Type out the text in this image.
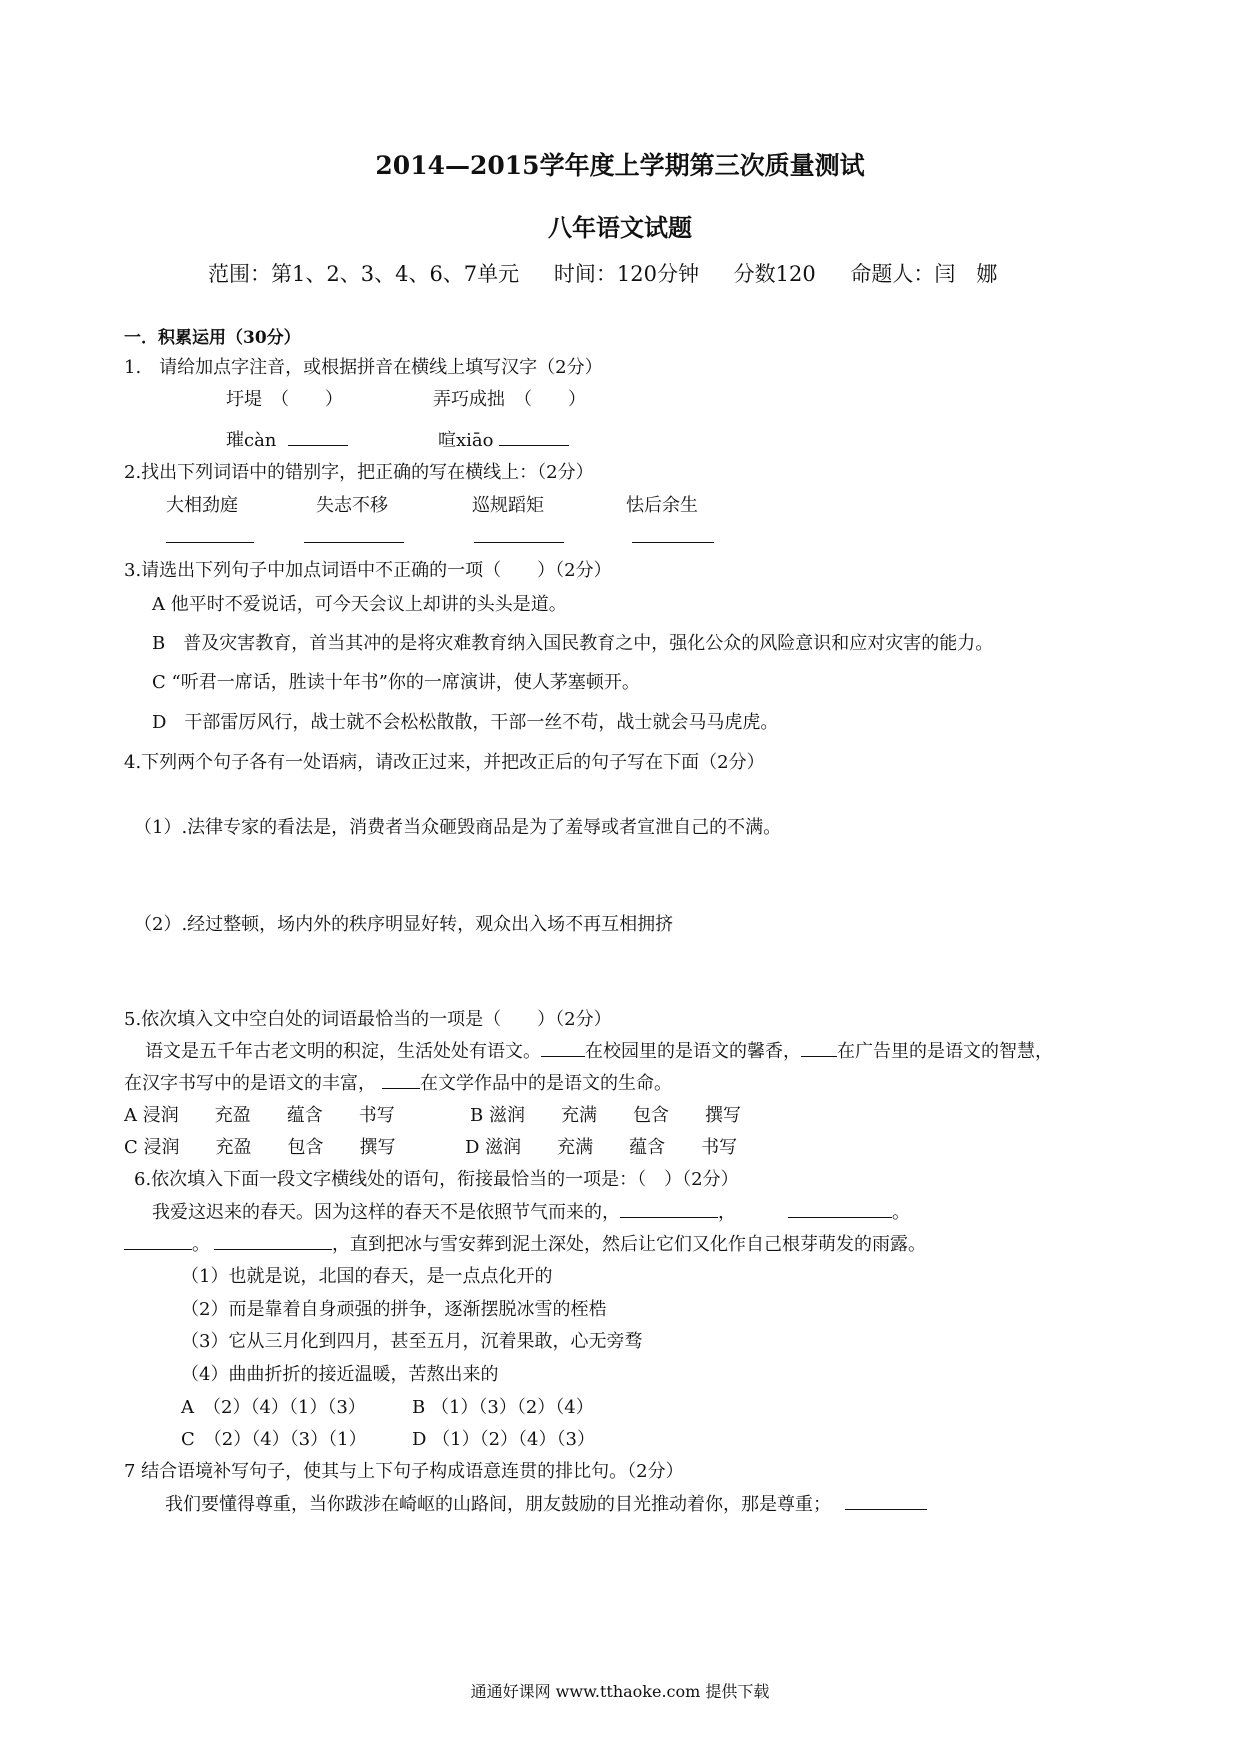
2014—2015学年度上学期第三次质量测试
八年语文试题
范围：第1、2、3、4、6、7单元 时间：120分钟 分数120 命题人：闫　娜
一．积累运用（30分）
1.　请给加点字注音，或根据拼音在横线上填写汉字（2分）
圩堤　（　　）	弄巧成拙　（　　）
璀càn	喧xiāo
2.找出下列词语中的错别字，把正确的写在横线上：（2分）
大相劲庭	失志不移	巡规蹈矩	怯后余生
3.请选出下列句子中加点词语中不正确的一项（　　）（2分）
A 他平时不爱说话，可今天会议上却讲的头头是道。
B　普及灾害教育，首当其冲的是将灾难教育纳入国民教育之中，强化公众的风险意识和应对灾害的能力。
C “听君一席话，胜读十年书”你的一席演讲，使人茅塞顿开。
D　干部雷厉风行，战士就不会松松散散，干部一丝不苟，战士就会马马虎虎。
4.下列两个句子各有一处语病，请改正过来，并把改正后的句子写在下面（2分）
（1）.法律专家的看法是，消费者当众砸毁商品是为了羞辱或者宣泄自己的不满。
（2）.经过整顿，场内外的秩序明显好转，观众出入场不再互相拥挤
5.依次填入文中空白处的词语最恰当的一项是（　　）（2分）
语文是五千年古老文明的积淀，生活处处有语文。 在校园里的是语文的馨香， 在广告里的是语文的智慧，
在汉字书写中的是语文的丰富， 在文学作品中的是语文的生命。
A 浸润　　充盈　　蕴含　　书写	B 滋润　　充满　　包含　　撰写
C 浸润　　充盈　　包含　　撰写	D 滋润　　充满　　蕴含　　书写
6.依次填入下面一段文字横线处的语句，衔接最恰当的一项是：（　）（2分）
我爱这迟来的春天。因为这样的春天不是依照节气而来的，	，	。
。	，直到把冰与雪安葬到泥土深处，然后让它们又化作自己根芽萌发的雨露。
（1）也就是说，北国的春天，是一点点化开的
（2）而是靠着自身顽强的拼争，逐渐摆脱冰雪的桎梏
（3）它从三月化到四月，甚至五月，沉着果敢，心无旁骛
（4）曲曲折折的接近温暖，苦熬出来的
A　（2）（4）（1）（3）	B （1）（3）（2）（4）
C　（2）（4）（3）（1）	D （1）（2）（4）（3）
7 结合语境补写句子，使其与上下句子构成语意连贯的排比句。（2分）
我们要懂得尊重，当你跋涉在崎岖的山路间，朋友鼓励的目光推动着你，那是尊重；
通通好课网 www.tthaoke.com 提供下载
